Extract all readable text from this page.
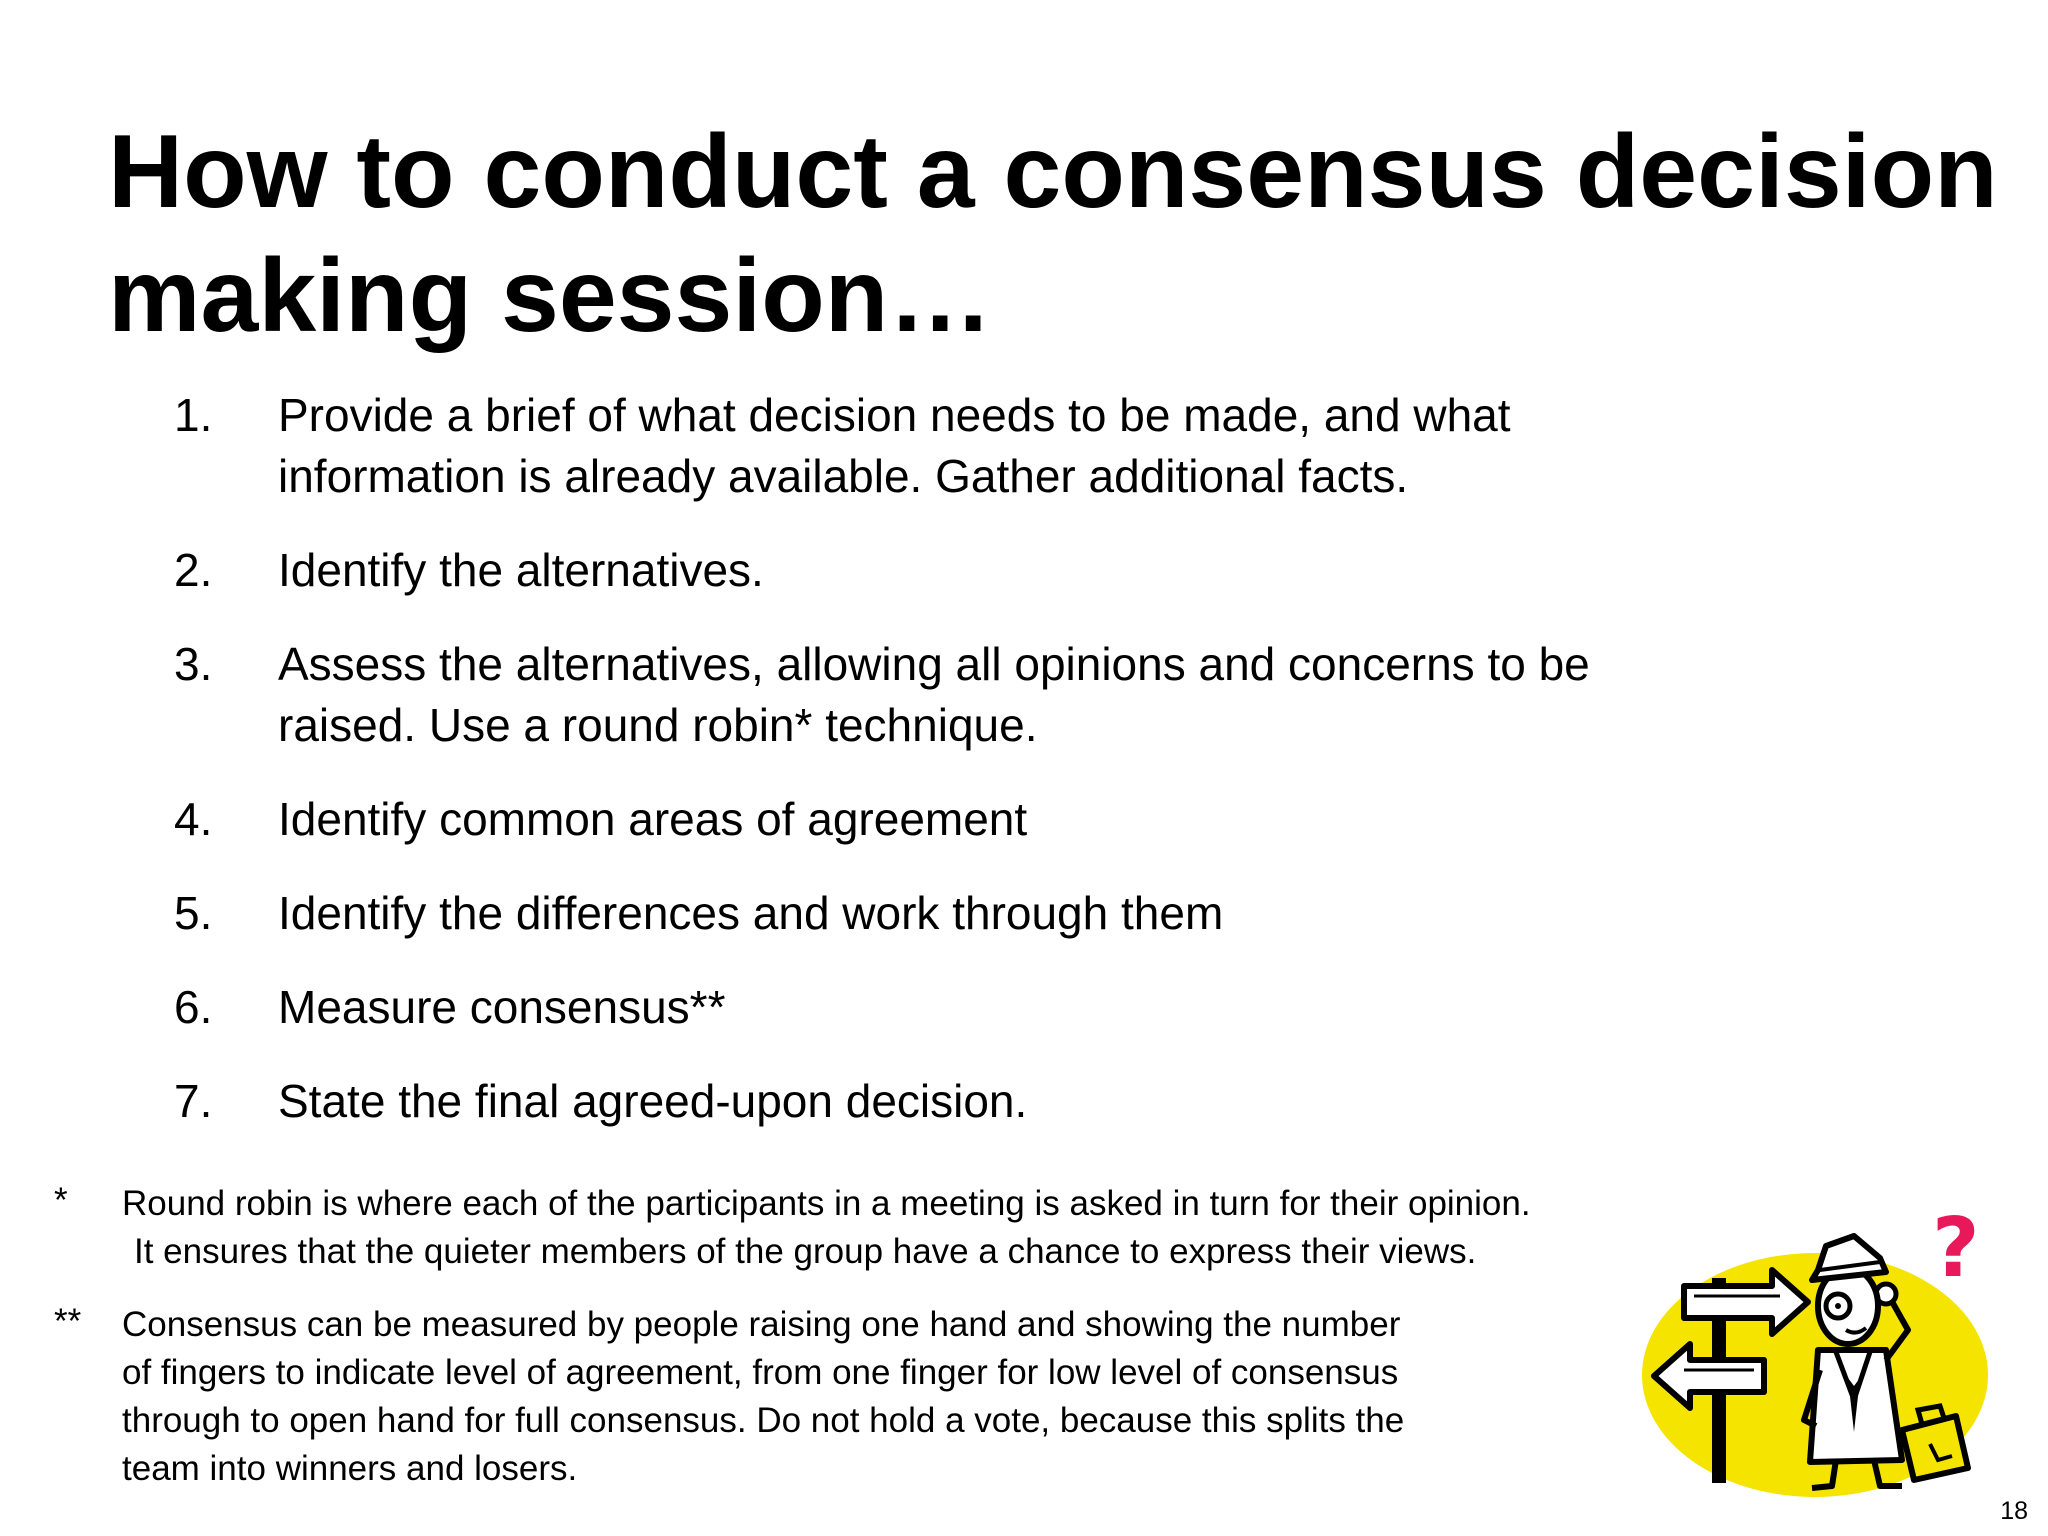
How to conduct a consensus decision
making session…
1. Provide a brief of what decision needs to be made, and what
information is already available. Gather additional facts.
2. Identify the alternatives.
3. Assess the alternatives, allowing all opinions and concerns to be
raised. Use a round robin* technique.
4. Identify common areas of agreement
5. Identify the differences and work through them
6. Measure consensus**
7. State the final agreed-upon decision.
* Round robin is where each of the participants in a meeting is asked in turn for their opinion.
It ensures that the quieter members of the group have a chance to express their views.
** Consensus can be measured by people raising one hand and showing the number
of fingers to indicate level of agreement, from one finger for low level of consensus
through to open hand for full consensus. Do not hold a vote, because this splits the
team into winners and losers.
?
18
